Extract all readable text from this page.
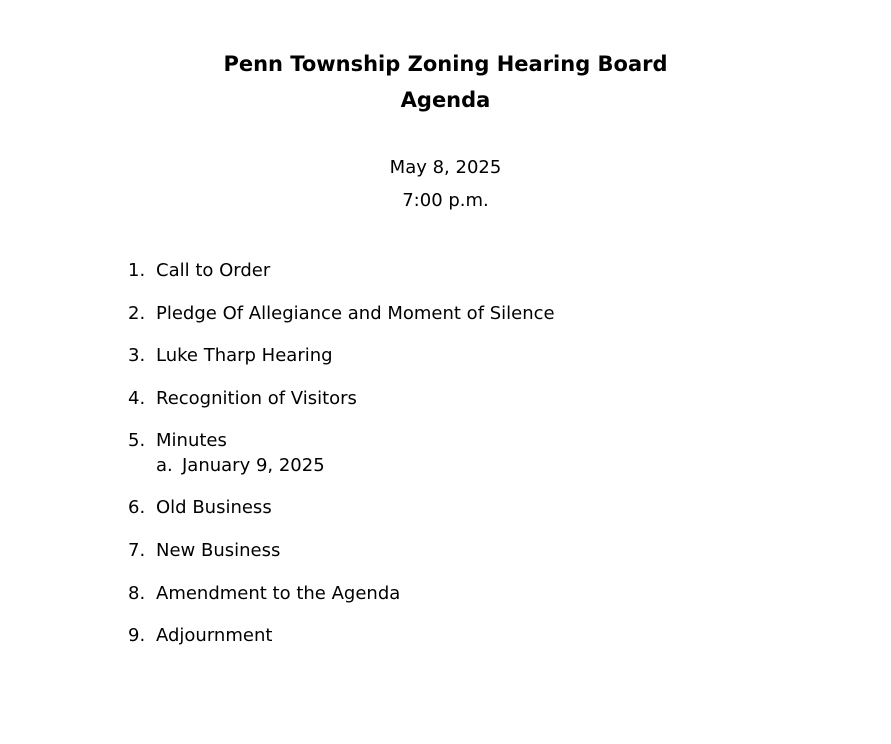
Penn Township Zoning Hearing Board
Agenda

May 8, 2025

7:00 p.m.

1. Call to Order
2. Pledge Of Allegiance and Moment of Silence
3. Luke Tharp Hearing
4. Recognition of Visitors
5. Minutes
a. January 9, 2025
6. Old Business
7. New Business
8. Amendment to the Agenda
9. Adjournment
